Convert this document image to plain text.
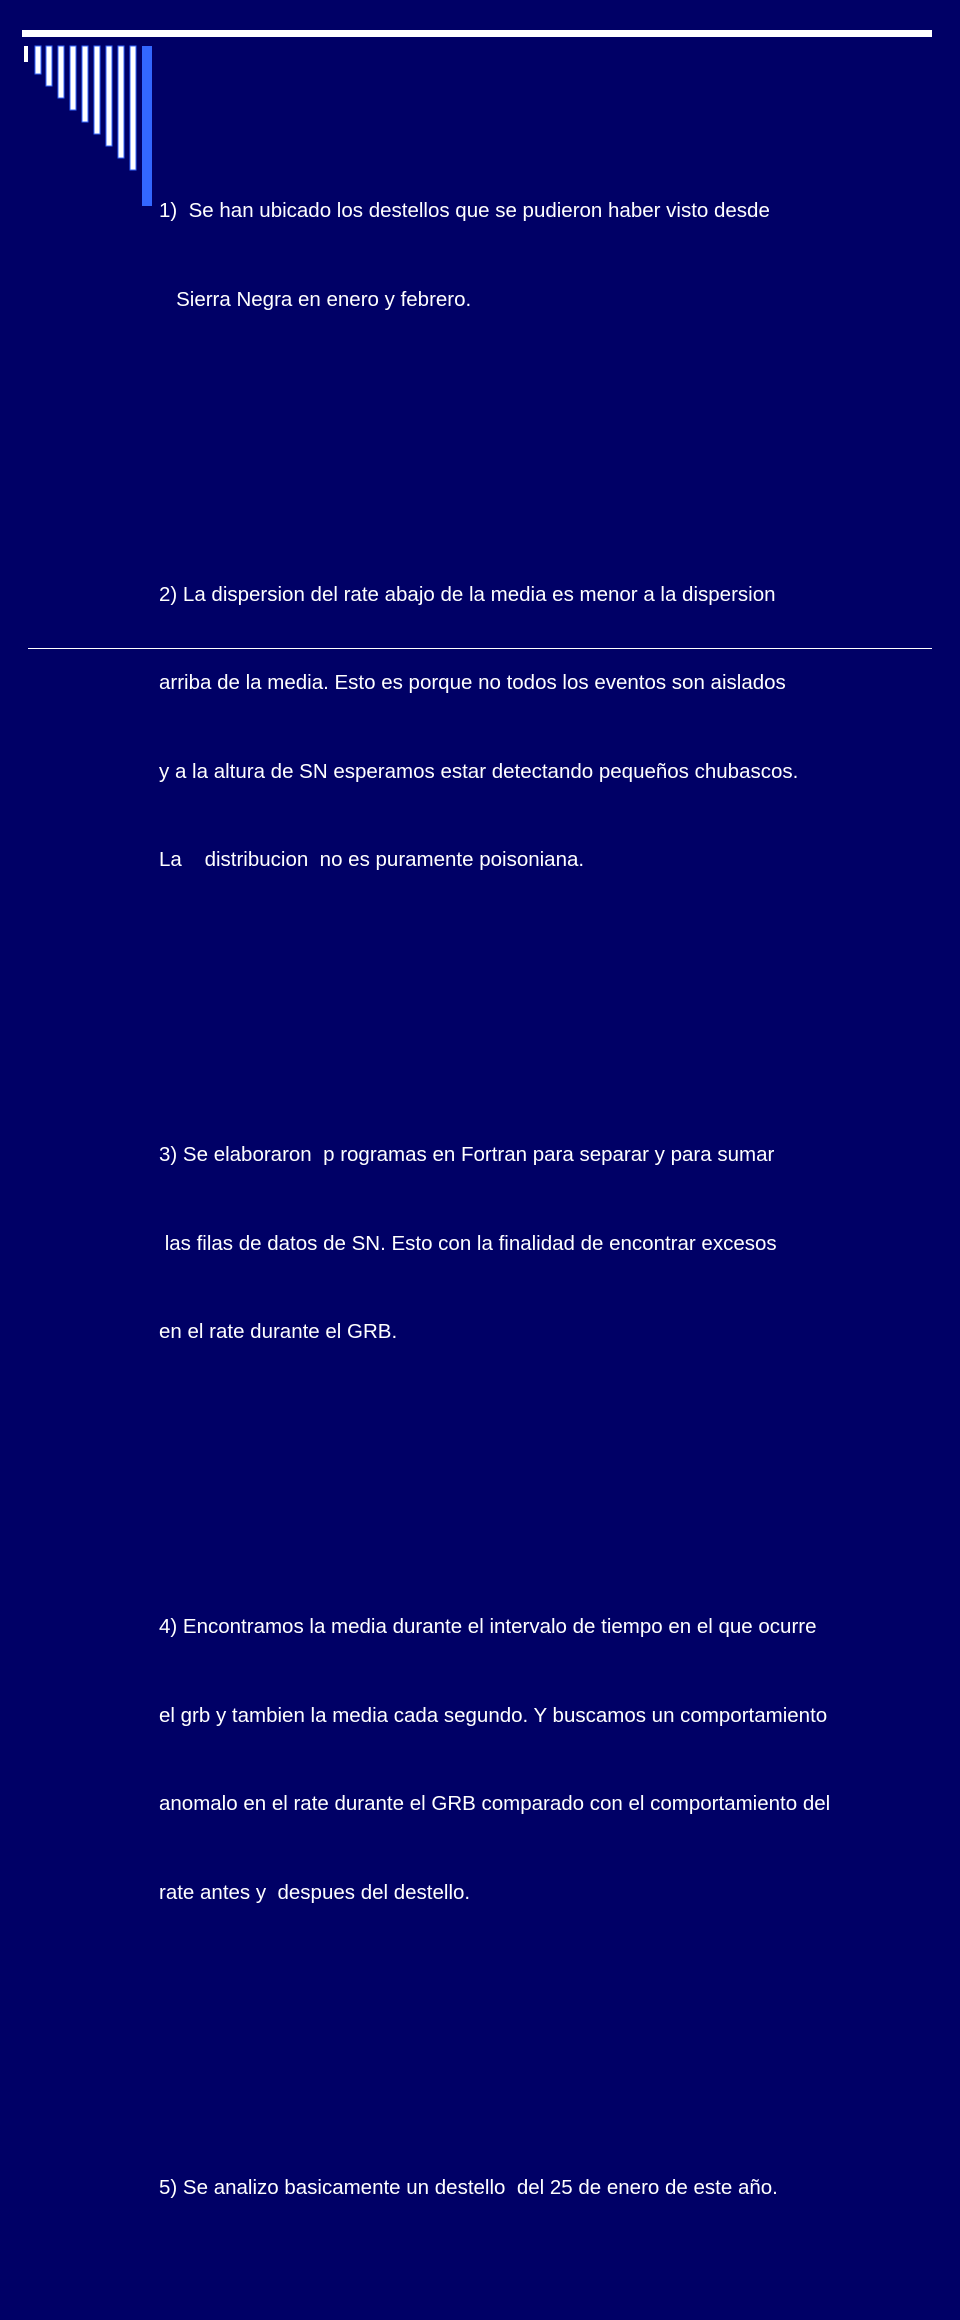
1)  Se han ubicado los destellos que se pudieron haber visto desde

Sierra Negra en enero y febrero.

2) La dispersion del rate abajo de la media es menor a la dispersion

arriba de la media. Esto es porque no todos los eventos son aislados

y a la altura de SN esperamos estar detectando pequeños chubascos.

La    distribucion  no es puramente poisoniana.

3) Se elaboraron  p rogramas en Fortran para separar y para sumar

las filas de datos de SN. Esto con la finalidad de encontrar excesos

en el rate durante el GRB.

4) Encontramos la media durante el intervalo de tiempo en el que ocurre

el grb y tambien la media cada segundo. Y buscamos un comportamiento

anomalo en el rate durante el GRB comparado con el comportamiento del

rate antes y  despues del destello.

5) Se analizo basicamente un destello  del 25 de enero de este año.
